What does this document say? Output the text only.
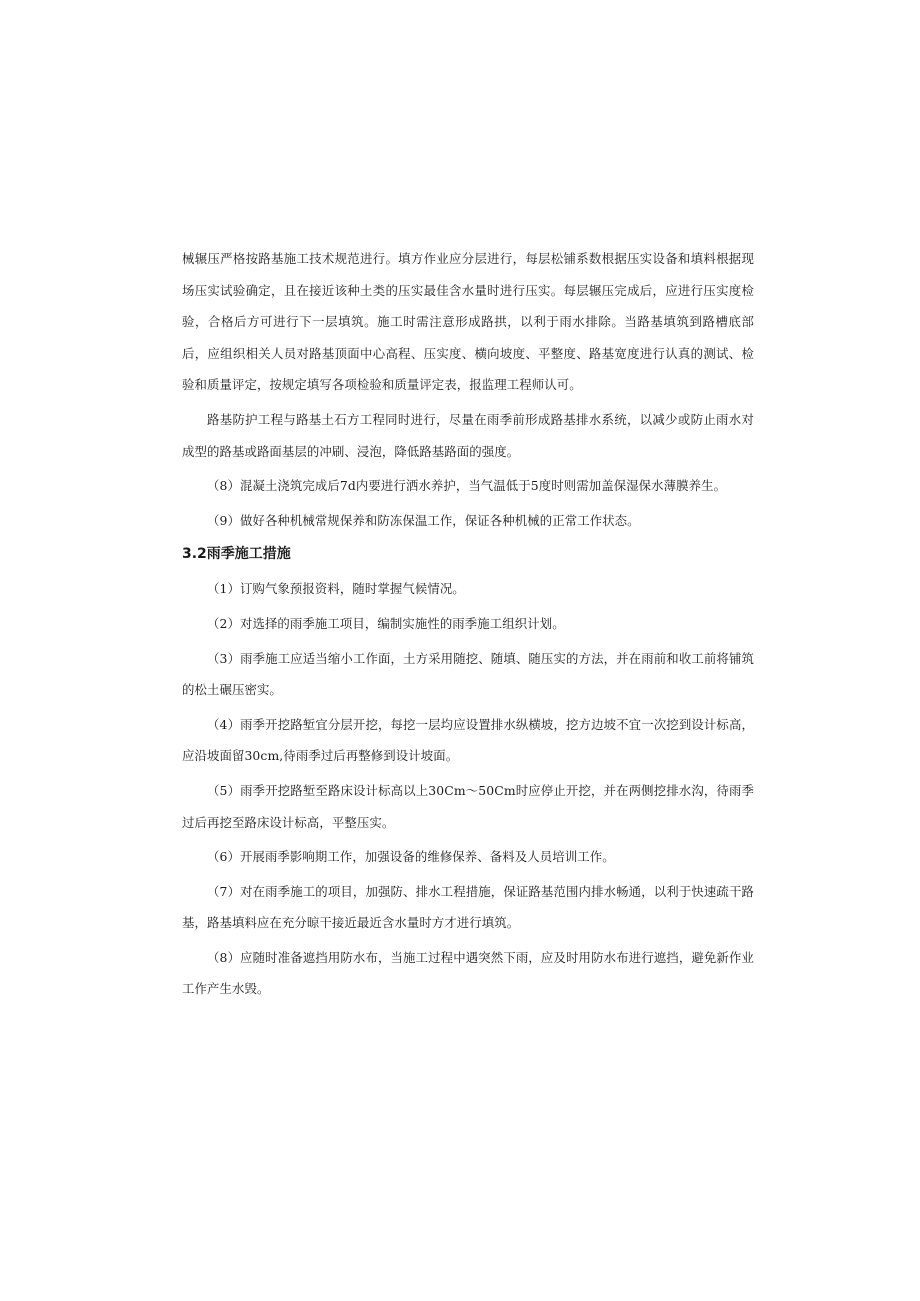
械辗压严格按路基施工技术规范进行。填方作业应分层进行，每层松铺系数根据压实设备和填料根据现场压实试验确定，且在接近该种土类的压实最佳含水量时进行压实。每层辗压完成后，应进行压实度检验，合格后方可进行下一层填筑。施工时需注意形成路拱，以利于雨水排除。当路基填筑到路槽底部后，应组织相关人员对路基顶面中心高程、压实度、横向坡度、平整度、路基宽度进行认真的测试、检验和质量评定，按规定填写各项检验和质量评定表，报监理工程师认可。

路基防护工程与路基土石方工程同时进行，尽量在雨季前形成路基排水系统，以减少或防止雨水对成型的路基或路面基层的冲刷、浸泡，降低路基路面的强度。

（8）混凝土浇筑完成后7d内要进行洒水养护，当气温低于5度时则需加盖保湿保水薄膜养生。

（9）做好各种机械常规保养和防冻保温工作，保证各种机械的正常工作状态。

3.2雨季施工措施

（1）订购气象预报资料，随时掌握气候情况。

（2）对选择的雨季施工项目，编制实施性的雨季施工组织计划。

（3）雨季施工应适当缩小工作面，土方采用随挖、随填、随压实的方法，并在雨前和收工前将铺筑的松土碾压密实。

（4）雨季开挖路堑宜分层开挖，每挖一层均应设置排水纵横坡，挖方边坡不宜一次挖到设计标高，应沿坡面留30cm,待雨季过后再整修到设计坡面。

（5）雨季开挖路堑至路床设计标高以上30Cm～50Cm时应停止开挖，并在两侧挖排水沟，待雨季过后再挖至路床设计标高，平整压实。

（6）开展雨季影响期工作，加强设备的维修保养、备料及人员培训工作。

（7）对在雨季施工的项目，加强防、排水工程措施，保证路基范围内排水畅通，以利于快速疏干路基，路基填料应在充分晾干接近最近含水量时方才进行填筑。

（8）应随时准备遮挡用防水布，当施工过程中遇突然下雨，应及时用防水布进行遮挡，避免新作业工作产生水毁。
